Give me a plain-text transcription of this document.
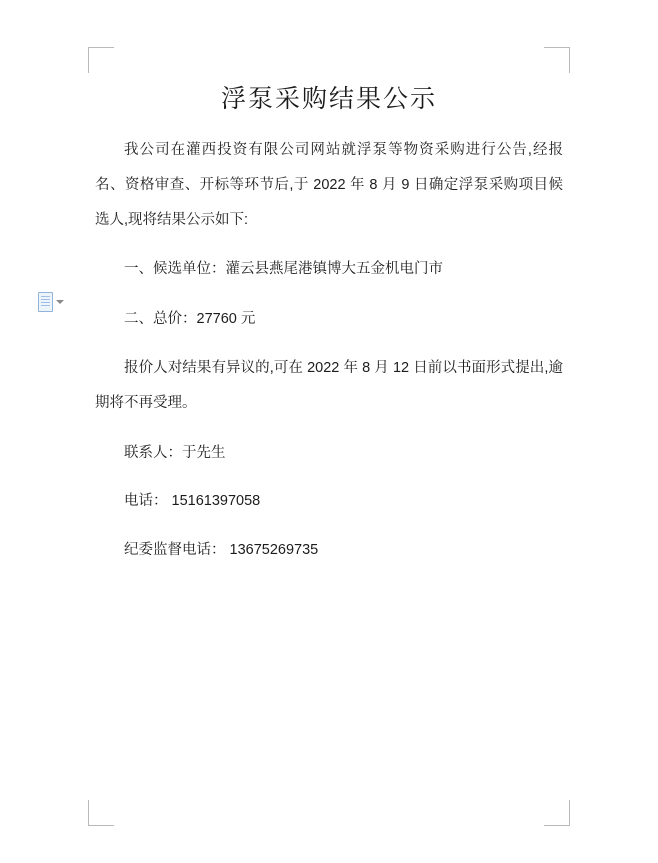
浮泵采购结果公示

我公司在灌西投资有限公司网站就浮泵等物资采购进行公告,经报名、资格审查、开标等环节后,于 2022 年 8 月 9 日确定浮泵采购项目候选人,现将结果公示如下:

一、候选单位：灌云县燕尾港镇博大五金机电门市

二、总价：27760 元

报价人对结果有异议的,可在 2022 年 8 月 12 日前以书面形式提出,逾期将不再受理。

联系人：于先生

电话： 15161397058

纪委监督电话： 13675269735
